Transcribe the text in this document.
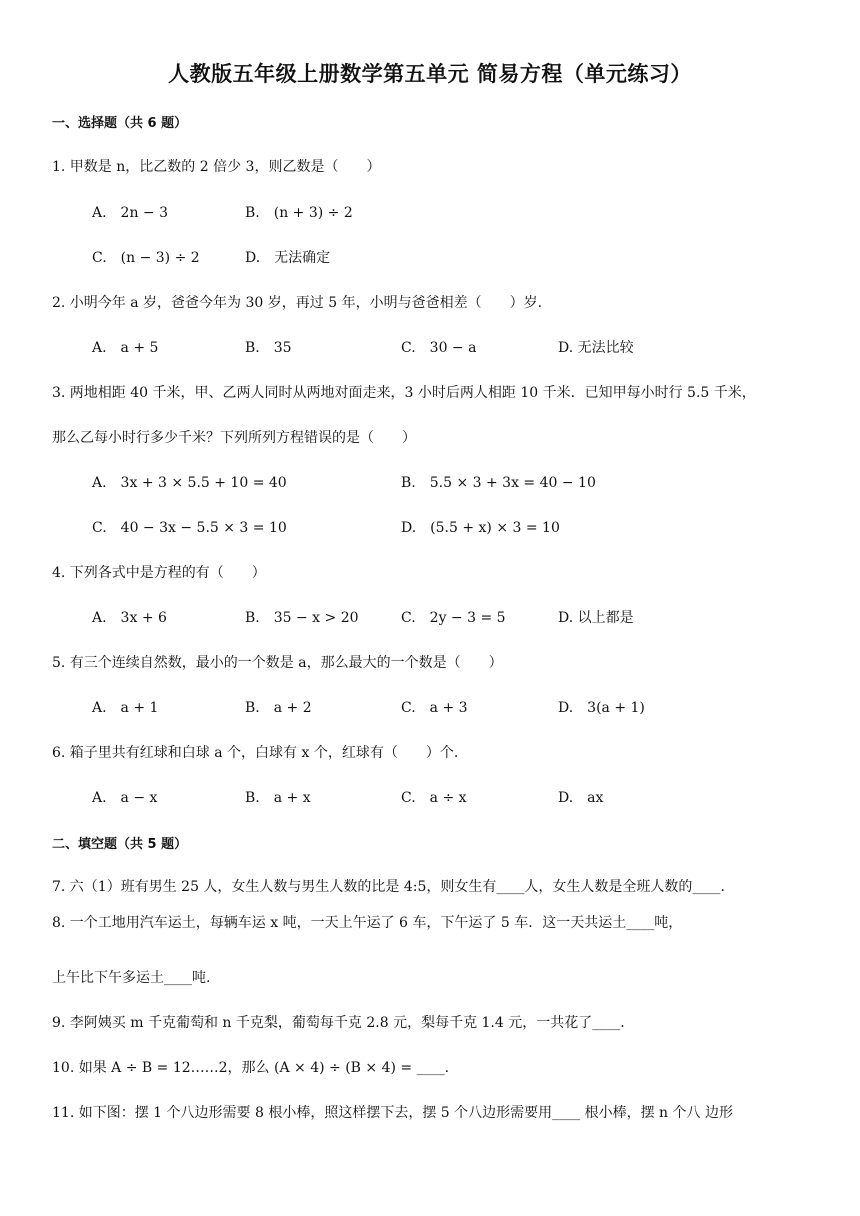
人教版五年级上册数学第五单元 简易方程（单元练习）
一、选择题（共 6 题）
1. 甲数是 n，比乙数的 2 倍少 3，则乙数是（　　）
A.　2n − 3	B.　(n + 3) ÷ 2
C.　(n − 3) ÷ 2	D.　无法确定
2. 小明今年 a 岁，爸爸今年为 30 岁，再过 5 年，小明与爸爸相差（　　）岁.
A.　a + 5	B.　35	C.　30 − a	D. 无法比较
3. 两地相距 40 千米，甲、乙两人同时从两地对面走来，3 小时后两人相距 10 千米．已知甲每小时行 5.5 千米，
那么乙每小时行多少千米？下列所列方程错误的是（　　）
A.　3x + 3 × 5.5 + 10 = 40	B.　5.5 × 3 + 3x = 40 − 10
C.　40 − 3x − 5.5 × 3 = 10	D.　(5.5 + x) × 3 = 10
4. 下列各式中是方程的有（　　）
A.　3x + 6	B.　35 − x > 20	C.　2y − 3 = 5	D. 以上都是
5. 有三个连续自然数，最小的一个数是 a，那么最大的一个数是（　　）
A.　a + 1	B.　a + 2	C.　a + 3	D.　3(a + 1)
6. 箱子里共有红球和白球 a 个，白球有 x 个，红球有（　　）个.
A.　a − x	B.　a + x	C.　a ÷ x	D.　ax
二、填空题（共 5 题）
7. 六（1）班有男生 25 人，女生人数与男生人数的比是 4:5，则女生有____人，女生人数是全班人数的____.
8. 一个工地用汽车运土，每辆车运 x 吨，一天上午运了 6 车，下午运了 5 车．这一天共运土____吨，
上午比下午多运土____吨.
9. 李阿姨买 m 千克葡萄和 n 千克梨，葡萄每千克 2.8 元，梨每千克 1.4 元，一共花了____.
10. 如果 A ÷ B = 12……2，那么 (A × 4) ÷ (B × 4) = ____.
11. 如下图：摆 1 个八边形需要 8 根小棒，照这样摆下去，摆 5 个八边形需要用____ 根小棒，摆 n 个八 边形
